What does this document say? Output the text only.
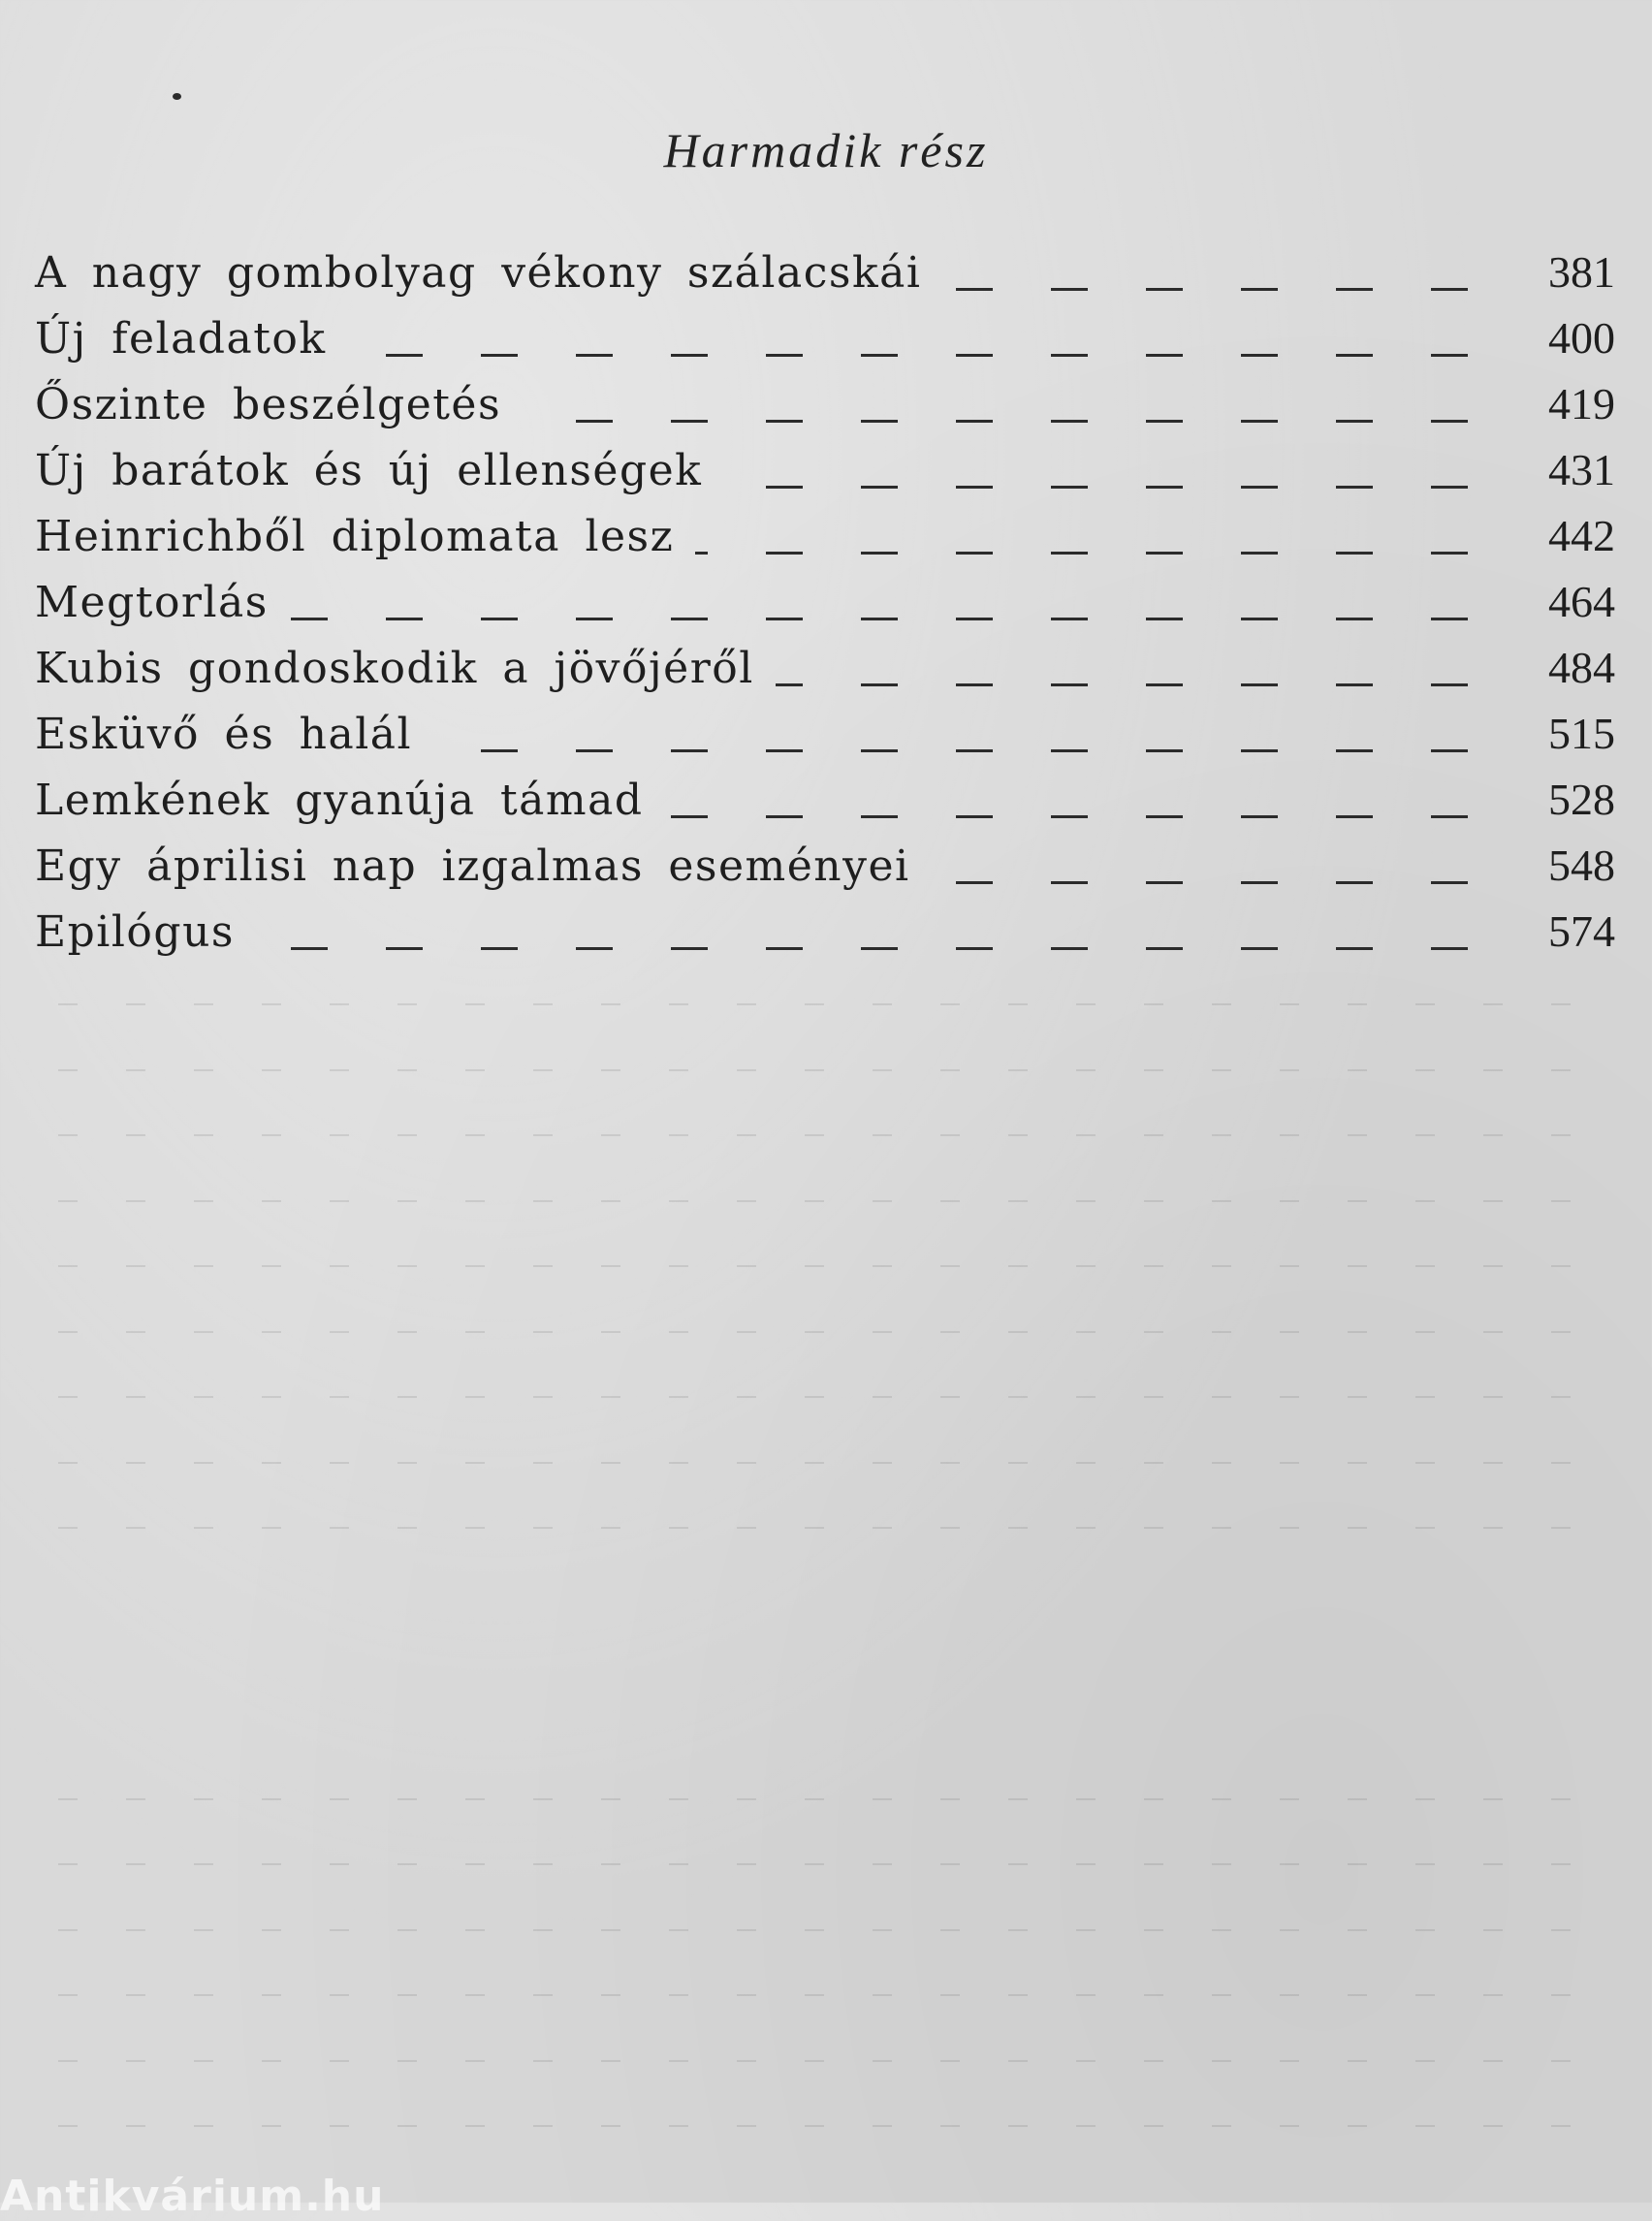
Harmadik rész
A nagy gombolyag vékony szálacskái	381
Új feladatok	400
Őszinte beszélgetés	419
Új barátok és új ellenségek	431
Heinrichből diplomata lesz	442
Megtorlás	464
Kubis gondoskodik a jövőjéről	484
Esküvő és halál	515
Lemkének gyanúja támad	528
Egy áprilisi nap izgalmas eseményei	548
Epilógus	574
Antikvárium.hu
